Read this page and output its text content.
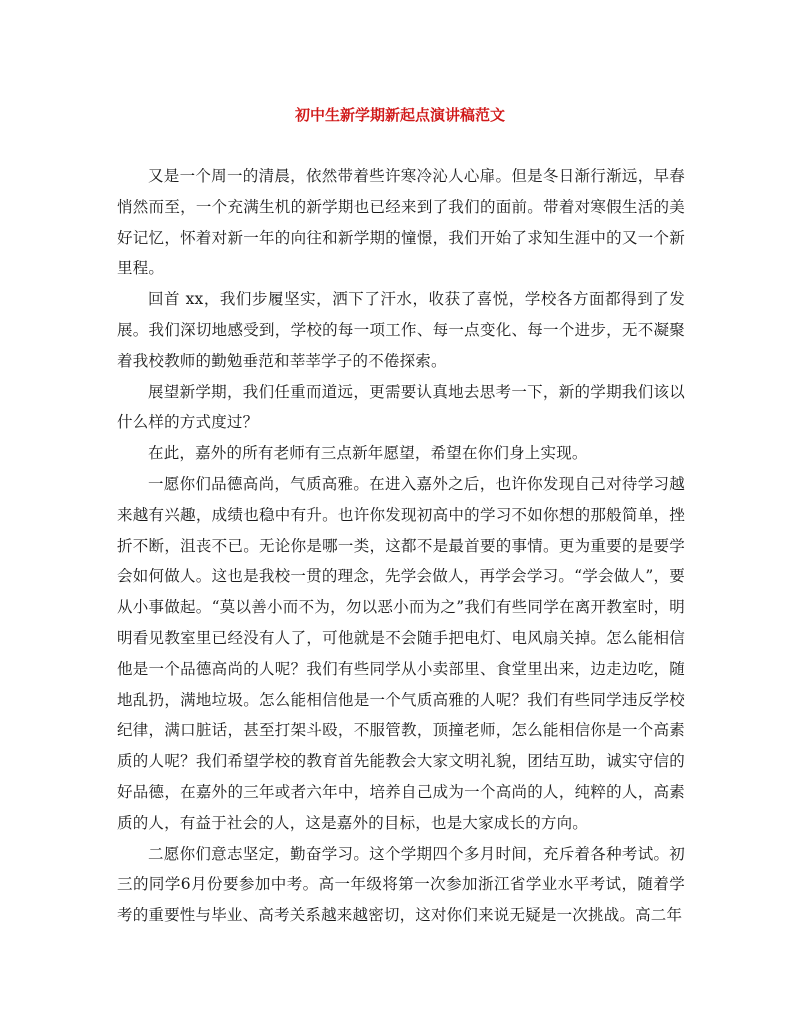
初中生新学期新起点演讲稿范文

又是一个周一的清晨，依然带着些许寒冷沁人心扉。但是冬日渐行渐远，早春悄然而至，一个充满生机的新学期也已经来到了我们的面前。带着对寒假生活的美好记忆，怀着对新一年的向往和新学期的憧憬，我们开始了求知生涯中的又一个新里程。

回首 xx，我们步履坚实，洒下了汗水，收获了喜悦，学校各方面都得到了发展。我们深切地感受到，学校的每一项工作、每一点变化、每一个进步，无不凝聚着我校教师的勤勉垂范和莘莘学子的不倦探索。

展望新学期，我们任重而道远，更需要认真地去思考一下，新的学期我们该以什么样的方式度过？

在此，嘉外的所有老师有三点新年愿望，希望在你们身上实现。

一愿你们品德高尚，气质高雅。在进入嘉外之后，也许你发现自己对待学习越来越有兴趣，成绩也稳中有升。也许你发现初高中的学习不如你想的那般简单，挫折不断，沮丧不已。无论你是哪一类，这都不是最首要的事情。更为重要的是要学会如何做人。这也是我校一贯的理念，先学会做人，再学会学习。“学会做人”，要从小事做起。“莫以善小而不为，勿以恶小而为之”我们有些同学在离开教室时，明明看见教室里已经没有人了，可他就是不会随手把电灯、电风扇关掉。怎么能相信他是一个品德高尚的人呢？我们有些同学从小卖部里、食堂里出来，边走边吃，随地乱扔，满地垃圾。怎么能相信他是一个气质高雅的人呢？我们有些同学违反学校纪律，满口脏话，甚至打架斗殴，不服管教，顶撞老师，怎么能相信你是一个高素质的人呢？我们希望学校的教育首先能教会大家文明礼貌，团结互助，诚实守信的好品德，在嘉外的三年或者六年中，培养自己成为一个高尚的人，纯粹的人，高素质的人，有益于社会的人，这是嘉外的目标，也是大家成长的方向。

二愿你们意志坚定，勤奋学习。这个学期四个多月时间，充斥着各种考试。初三的同学6月份要参加中考。高一年级将第一次参加浙江省学业水平考试，随着学考的重要性与毕业、高考关系越来越密切，这对你们来说无疑是一次挑战。高二年
